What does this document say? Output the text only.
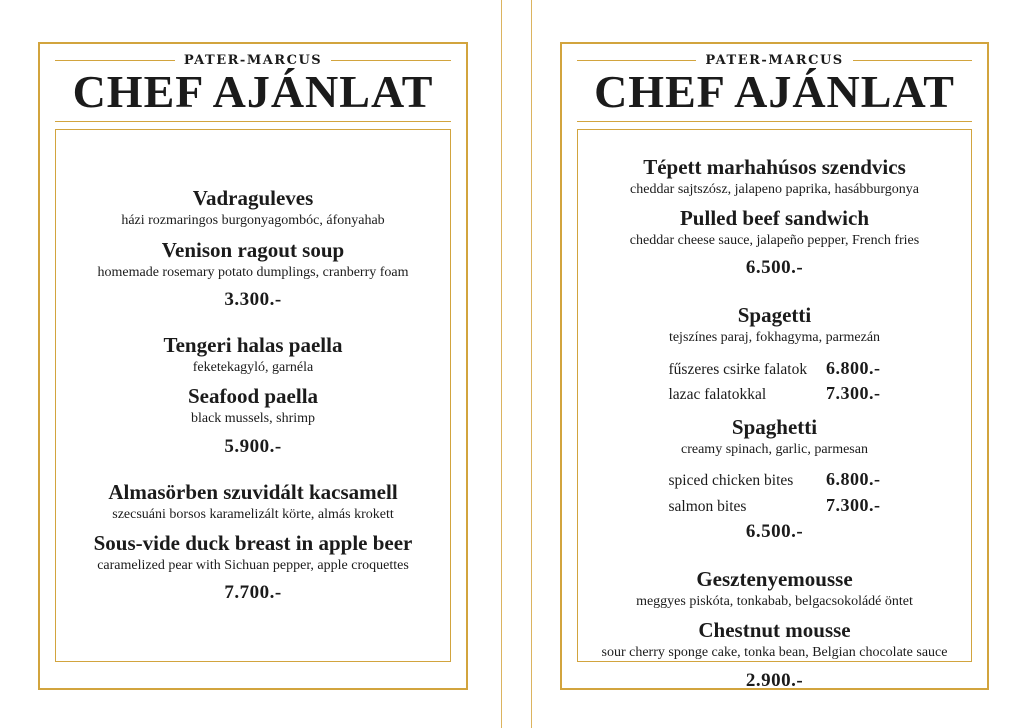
PATER-MARCUS
CHEF AJÁNLAT
Vadraguleves
házi rozmaringos burgonyagombóc, áfonyahab
Venison ragout soup
homemade rosemary potato dumplings, cranberry foam
3.300.-
Tengeri halas paella
feketekagyló, garnéla
Seafood paella
black mussels, shrimp
5.900.-
Almasörben szuvidált kacsamell
szecsuáni borsos karamelizált körte, almás krokett
Sous-vide duck breast in apple beer
caramelized pear with Sichuan pepper, apple croquettes
7.700.-
PATER-MARCUS
CHEF AJÁNLAT
Tépett marhahúsos szendvics
cheddar sajtszósz, jalapeno paprika, hasábburgonya
Pulled beef sandwich
cheddar cheese sauce, jalapeño pepper, French fries
6.500.-
Spagetti
tejszínes paraj, fokhagyma, parmezán
fűszeres csirke falatok 6.800.-
lazac falatokkal	7.300.-
Spaghetti
creamy spinach, garlic, parmesan
spiced chicken bites 6.800.-
salmon bites	7.300.-
6.500.-
Gesztenyemousse
meggyes piskóta, tonkabab, belgacsokoládé öntet
Chestnut mousse
sour cherry sponge cake, tonka bean, Belgian chocolate sauce
2.900.-
